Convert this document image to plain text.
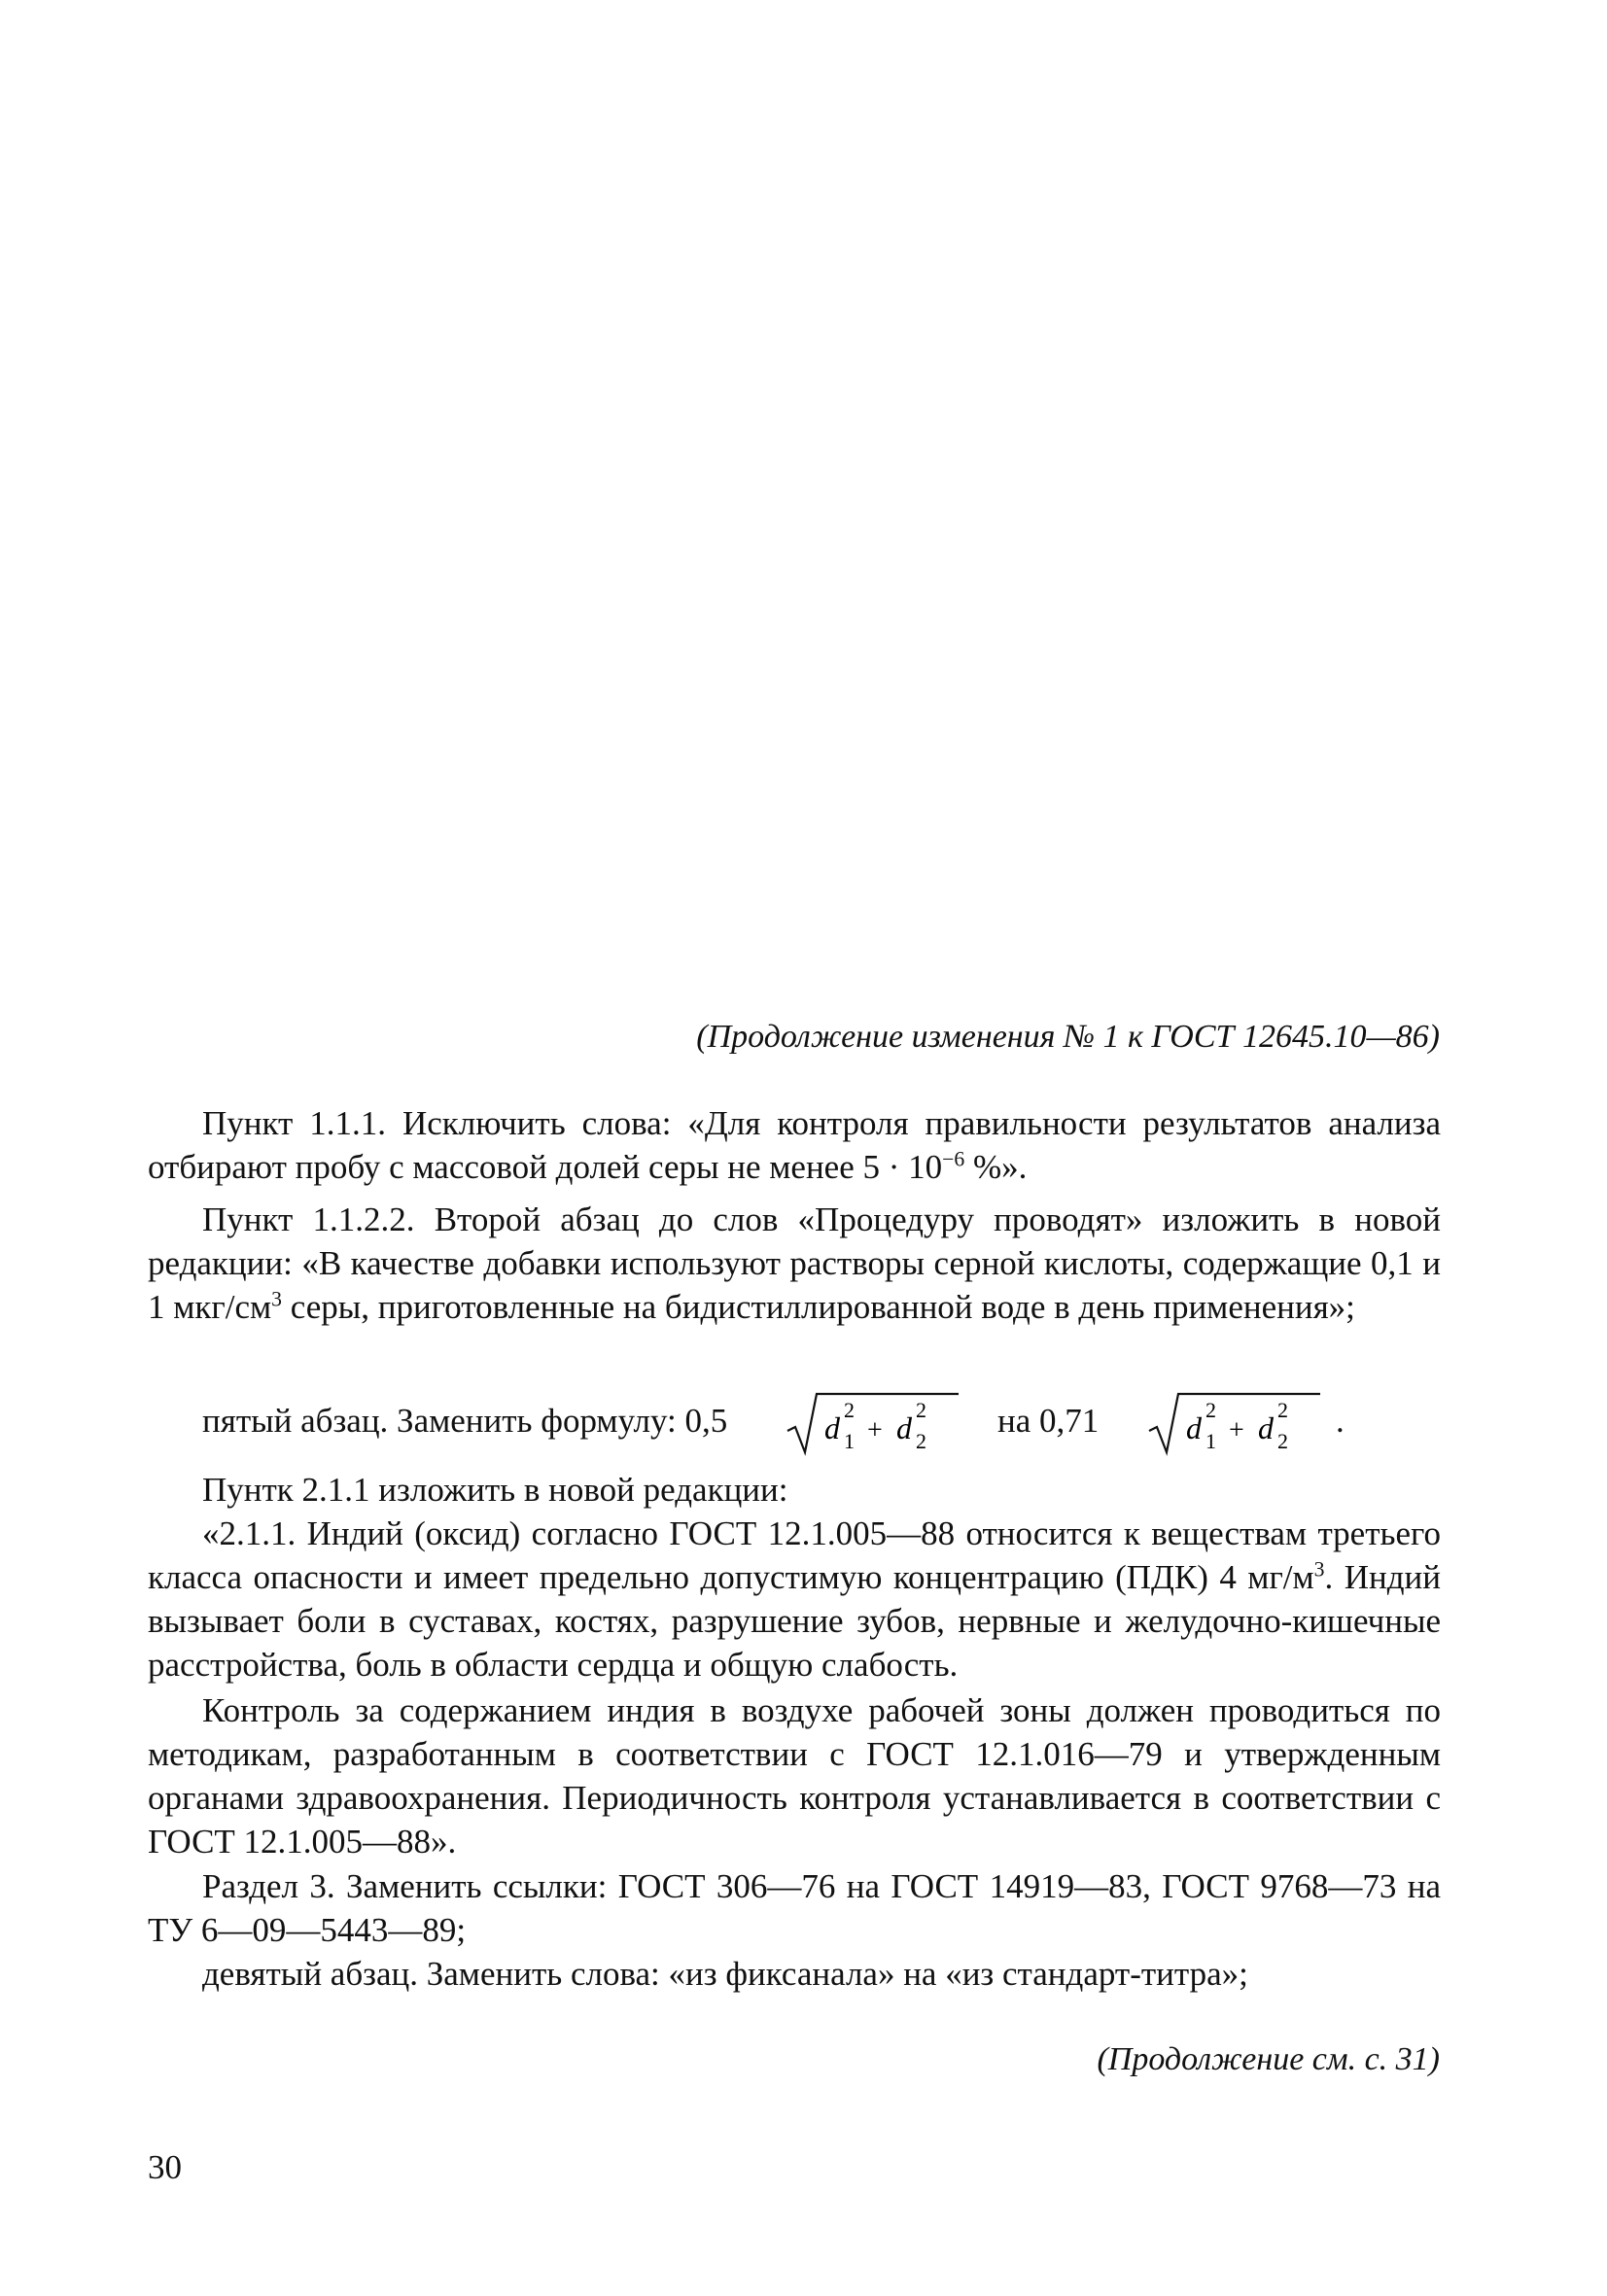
(Продолжение изменения № 1 к ГОСТ 12645.10—86)

Пункт 1.1.1. Исключить слова: «Для контроля правильности результатов анализа отбирают пробу с массовой долей серы не менее $5 \cdot 10^{-6}$ %».

Пункт 1.1.2.2. Второй абзац до слов «Процедуру проводят» изложить в новой редакции: «В качестве добавки используют растворы серной кислоты, содержащие 0,1 и 1 мкг/$см^3$ серы, приготовленные на бидистиллированной воде в день применения»;

пятый абзац. Заменить формулу: 0,5	d
2
1 + d
2
2
на 0,71	d
2
1 + d
2
2
.

Пунтк 2.1.1 изложить в новой редакции:

«2.1.1. Индий (оксид) согласно ГОСТ 12.1.005—88 относится к веществам третьего класса опасности и имеет предельно допустимую концентрацию (ПДК) 4 $мг/м^3$. Индий вызывает боли в суставах, костях, разрушение зубов, нервные и желудочно-кишечные расстройства, боль в области сердца и общую слабость.

Контроль за содержанием индия в воздухе рабочей зоны должен проводиться по методикам, разработанным в соответствии с ГОСТ 12.1.016—79 и утвержденным органами здравоохранения. Периодичность контроля устанавливается в соответствии с ГОСТ 12.1.005—88».

Раздел 3. Заменить ссылки: ГОСТ 306—76 на ГОСТ 14919—83, ГОСТ 9768—73 на ТУ 6—09—5443—89;

девятый абзац. Заменить слова: «из фиксанала» на «из стандарт-титра»;

(Продолжение см. с. 31)
30
